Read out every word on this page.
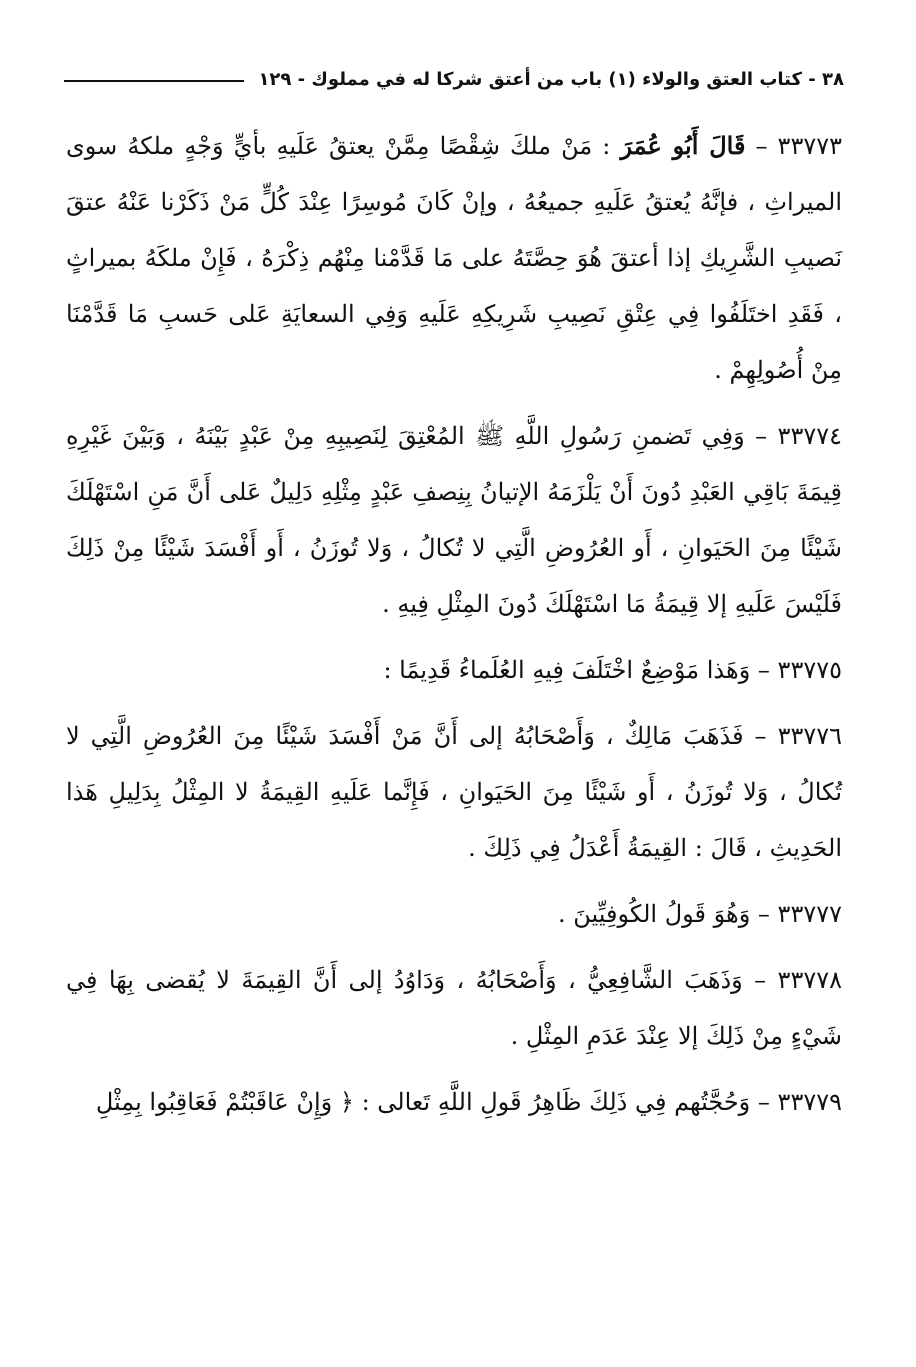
٣٨ - كتاب العتق والولاء (١) باب من أعتق شركا له في مملوك - ١٢٩

٣٣٧٧٣ – قَالَ أَبُو عُمَرَ : مَنْ ملكَ شِقْصًا مِمَّنْ يعتقُ عَلَيهِ بأيٍّ وَجْهٍ ملكهُ سوى الميراثِ ، فإنَّهُ يُعتقُ عَلَيهِ جميعُهُ ، وإنْ كَانَ مُوسِرًا عِنْدَ كُلٍّ مَنْ ذَكَرْنا عَنْهُ عتقَ نَصيبِ الشَّرِيكِ إذا أعتقَ هُوَ حِصَّتَهُ على مَا قَدَّمْنا مِنْهُم ذِكْرَهُ ، فَإِنْ ملكَهُ بميراثٍ ، فَقَدِ اختَلَفُوا فِي عِتْقِ نَصِيبِ شَرِيكِهِ عَلَيهِ وَفِي السعايَةِ عَلى حَسبِ مَا قَدَّمْنَا مِنْ أُصُولِهِمْ .

٣٣٧٧٤ – وَفِي تَضمنِ رَسُولِ اللَّهِ ﷺ المُعْتِقَ لِنَصِيبِهِ مِنْ عَبْدٍ بَيْنَهُ ، وَبَيْنَ غَيْرِهِ قِيمَةَ بَاقِي العَبْدِ دُونَ أَنْ يَلْزَمَهُ الإتيانُ بِنِصفِ عَبْدٍ مِثْلِهِ دَلِيلٌ عَلى أَنَّ مَنِ اسْتَهْلَكَ شَيْئًا مِنَ الحَيَوانِ ، أَو العُرُوضِ الَّتِي لا تُكالُ ، وَلا تُوزَنُ ، أَو أَفْسَدَ شَيْئًا مِنْ ذَلِكَ فَلَيْسَ عَلَيهِ إلا قِيمَةُ مَا اسْتَهْلَكَ دُونَ المِثْلِ فِيهِ .

٣٣٧٧٥ – وَهَذا مَوْضِعٌ اخْتَلَفَ فِيهِ العُلَماءُ قَدِيمًا :

٣٣٧٧٦ – فَذَهَبَ مَالِكٌ ، وَأَصْحَابُهُ إلى أَنَّ مَنْ أَفْسَدَ شَيْئًا مِنَ العُرُوضِ الَّتِي لا تُكالُ ، وَلا تُوزَنُ ، أَو شَيْئًا مِنَ الحَيَوانِ ، فَإِنَّما عَلَيهِ القِيمَةُ لا المِثْلُ بِدَلِيلِ هَذا الحَدِيثِ ، قَالَ : القِيمَةُ أَعْدَلُ فِي ذَلِكَ .

٣٣٧٧٧ – وَهُوَ قَولُ الكُوفِيِّينَ .

٣٣٧٧٨ – وَذَهَبَ الشَّافِعِيُّ ، وَأَصْحَابُهُ ، وَدَاوُدُ إلى أَنَّ القِيمَةَ لا يُقضى بِهَا فِي شَيْءٍ مِنْ ذَلِكَ إلا عِنْدَ عَدَمِ المِثْلِ .

٣٣٧٧٩ – وَحُجَّتُهم فِي ذَلِكَ ظَاهِرُ قَولِ اللَّهِ تَعالى : ﴿ وَإِنْ عَاقَبْتُمْ فَعَاقِبُوا بِمِثْلِ
